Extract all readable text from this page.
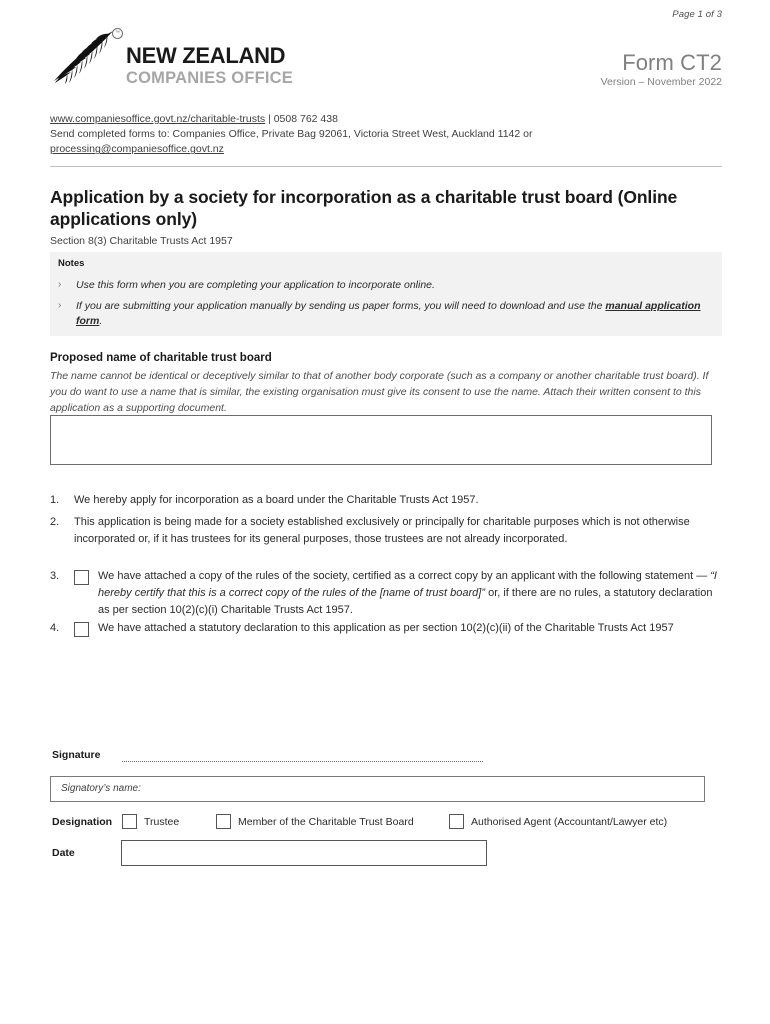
Page 1 of 3
™
NEW ZEALAND
COMPANIES OFFICE
Form CT2
Version – November 2022
www.companiesoffice.govt.nz/charitable-trusts | 0508 762 438
Send completed forms to: Companies Office, Private Bag 92061, Victoria Street West, Auckland 1142 or
processing@companiesoffice.govt.nz
Application by a society for incorporation as a charitable trust board (Online applications only)
Section 8(3) Charitable Trusts Act 1957
Notes
›	Use this form when you are completing your application to incorporate online.
›	If you are submitting your application manually by sending us paper forms, you will need to download and use the manual application form.
Proposed name of charitable trust board
The name cannot be identical or deceptively similar to that of another body corporate (such as a company or another charitable trust board). If you do want to use a name that is similar, the existing organisation must give its consent to use the name. Attach their written consent to this application as a supporting document.
1.	We hereby apply for incorporation as a board under the Charitable Trusts Act 1957.
2.	This application is being made for a society established exclusively or principally for charitable purposes which is not otherwise incorporated or, if it has trustees for its general purposes, those trustees are not already incorporated.
3.	We have attached a copy of the rules of the society, certified as a correct copy by an applicant with the following statement — “I hereby certify that this is a correct copy of the rules of the [name of trust board]” or, if there are no rules, a statutory declaration as per section 10(2)(c)(i) Charitable Trusts Act 1957.
4.	We have attached a statutory declaration to this application as per section 10(2)(c)(ii) of the Charitable Trusts Act 1957
Signature
Signatory’s name:
Designation	Trustee	Member of the Charitable Trust Board	Authorised Agent (Accountant/Lawyer etc)
Date
